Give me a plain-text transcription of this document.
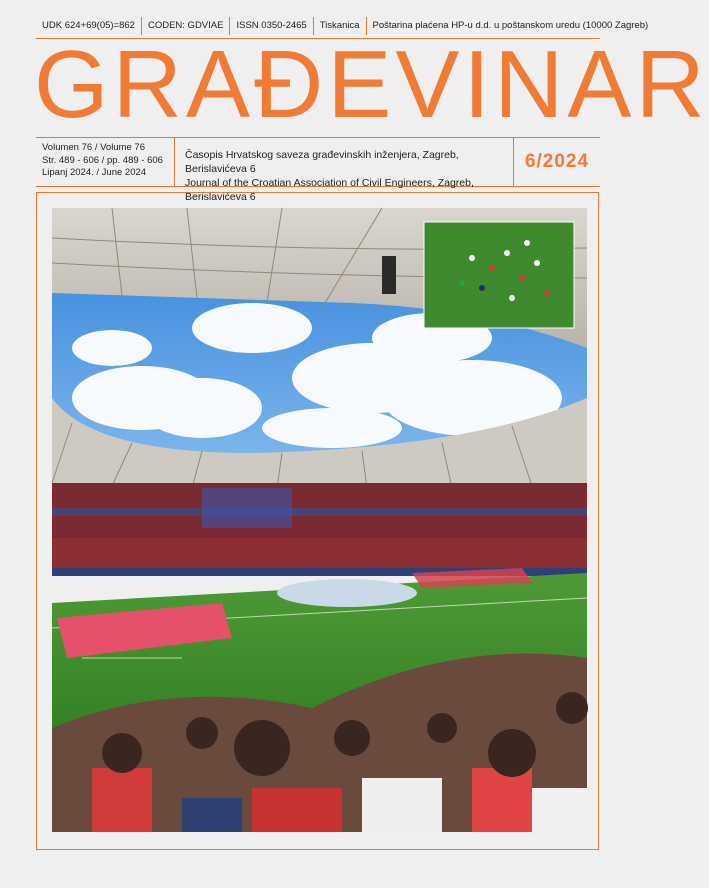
UDK 624+69(05)=862	CODEN: GDVIAE	ISSN 0350-2465	Tiskanica	Poštarina plaćena HP-u d.d. u poštanskom uredu (10000 Zagreb)
GRAĐEVINAR
Volumen 76 / Volume 76
Str. 489 - 606 / pp. 489 - 606
Lipanj 2024. / June 2024
Časopis Hrvatskog saveza građevinskih inženjera, Zagreb, Berislavićeva 6
Journal of the Croatian Association of Civil Engineers, Zagreb, Berislavićeva 6
6/2024
